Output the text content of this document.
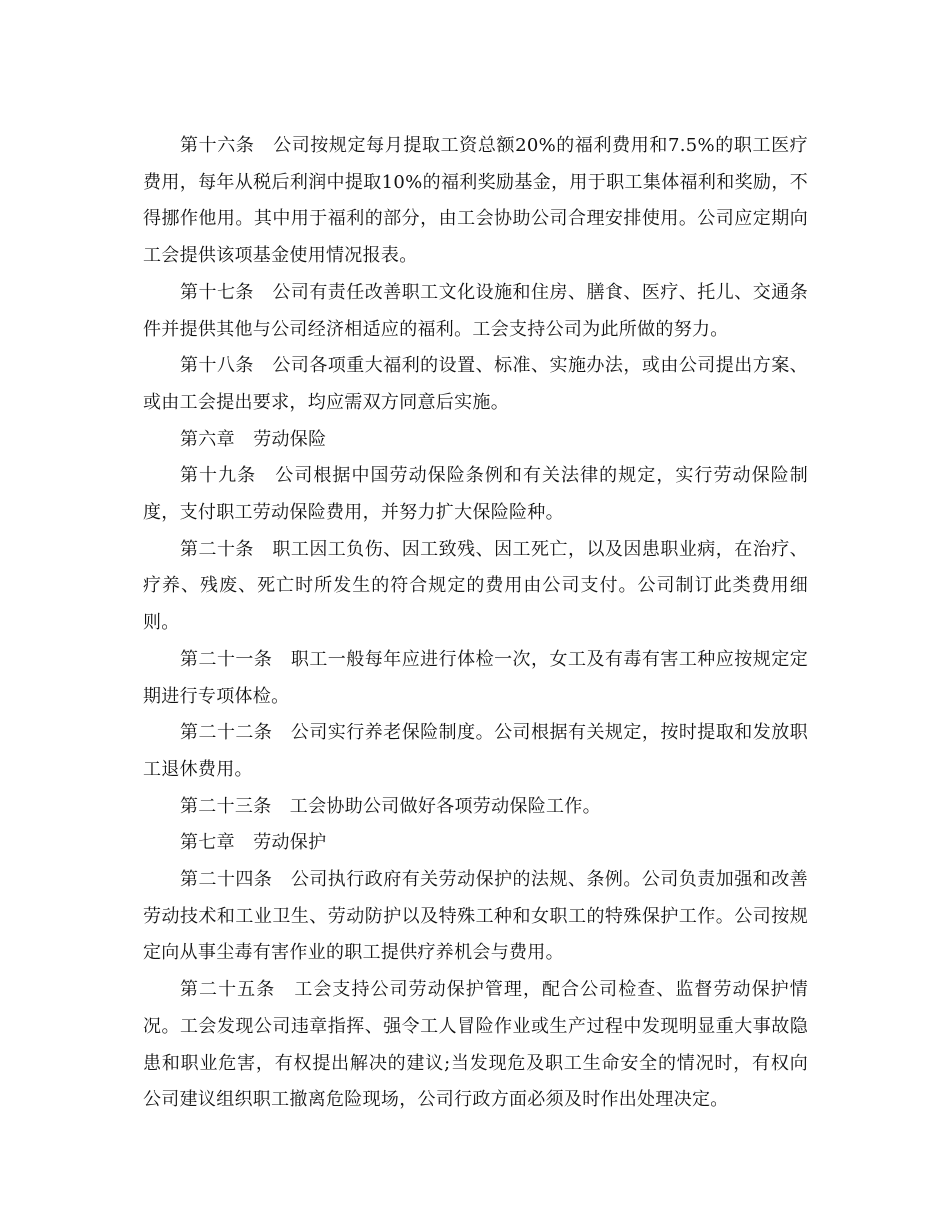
第十六条　公司按规定每月提取工资总额20%的福利费用和7.5%的职工医疗费用，每年从税后利润中提取10%的福利奖励基金，用于职工集体福利和奖励，不得挪作他用。其中用于福利的部分，由工会协助公司合理安排使用。公司应定期向工会提供该项基金使用情况报表。

第十七条　公司有责任改善职工文化设施和住房、膳食、医疗、托儿、交通条件并提供其他与公司经济相适应的福利。工会支持公司为此所做的努力。

第十八条　公司各项重大福利的设置、标准、实施办法，或由公司提出方案、或由工会提出要求，均应需双方同意后实施。

第六章　劳动保险

第十九条　公司根据中国劳动保险条例和有关法律的规定，实行劳动保险制度，支付职工劳动保险费用，并努力扩大保险险种。

第二十条　职工因工负伤、因工致残、因工死亡，以及因患职业病，在治疗、疗养、残废、死亡时所发生的符合规定的费用由公司支付。公司制订此类费用细则。

第二十一条　职工一般每年应进行体检一次，女工及有毒有害工种应按规定定期进行专项体检。

第二十二条　公司实行养老保险制度。公司根据有关规定，按时提取和发放职工退休费用。

第二十三条　工会协助公司做好各项劳动保险工作。

第七章　劳动保护

第二十四条　公司执行政府有关劳动保护的法规、条例。公司负责加强和改善劳动技术和工业卫生、劳动防护以及特殊工种和女职工的特殊保护工作。公司按规定向从事尘毒有害作业的职工提供疗养机会与费用。

第二十五条　工会支持公司劳动保护管理，配合公司检查、监督劳动保护情况。工会发现公司违章指挥、强令工人冒险作业或生产过程中发现明显重大事故隐患和职业危害，有权提出解决的建议;当发现危及职工生命安全的情况时，有权向公司建议组织职工撤离危险现场，公司行政方面必须及时作出处理决定。
